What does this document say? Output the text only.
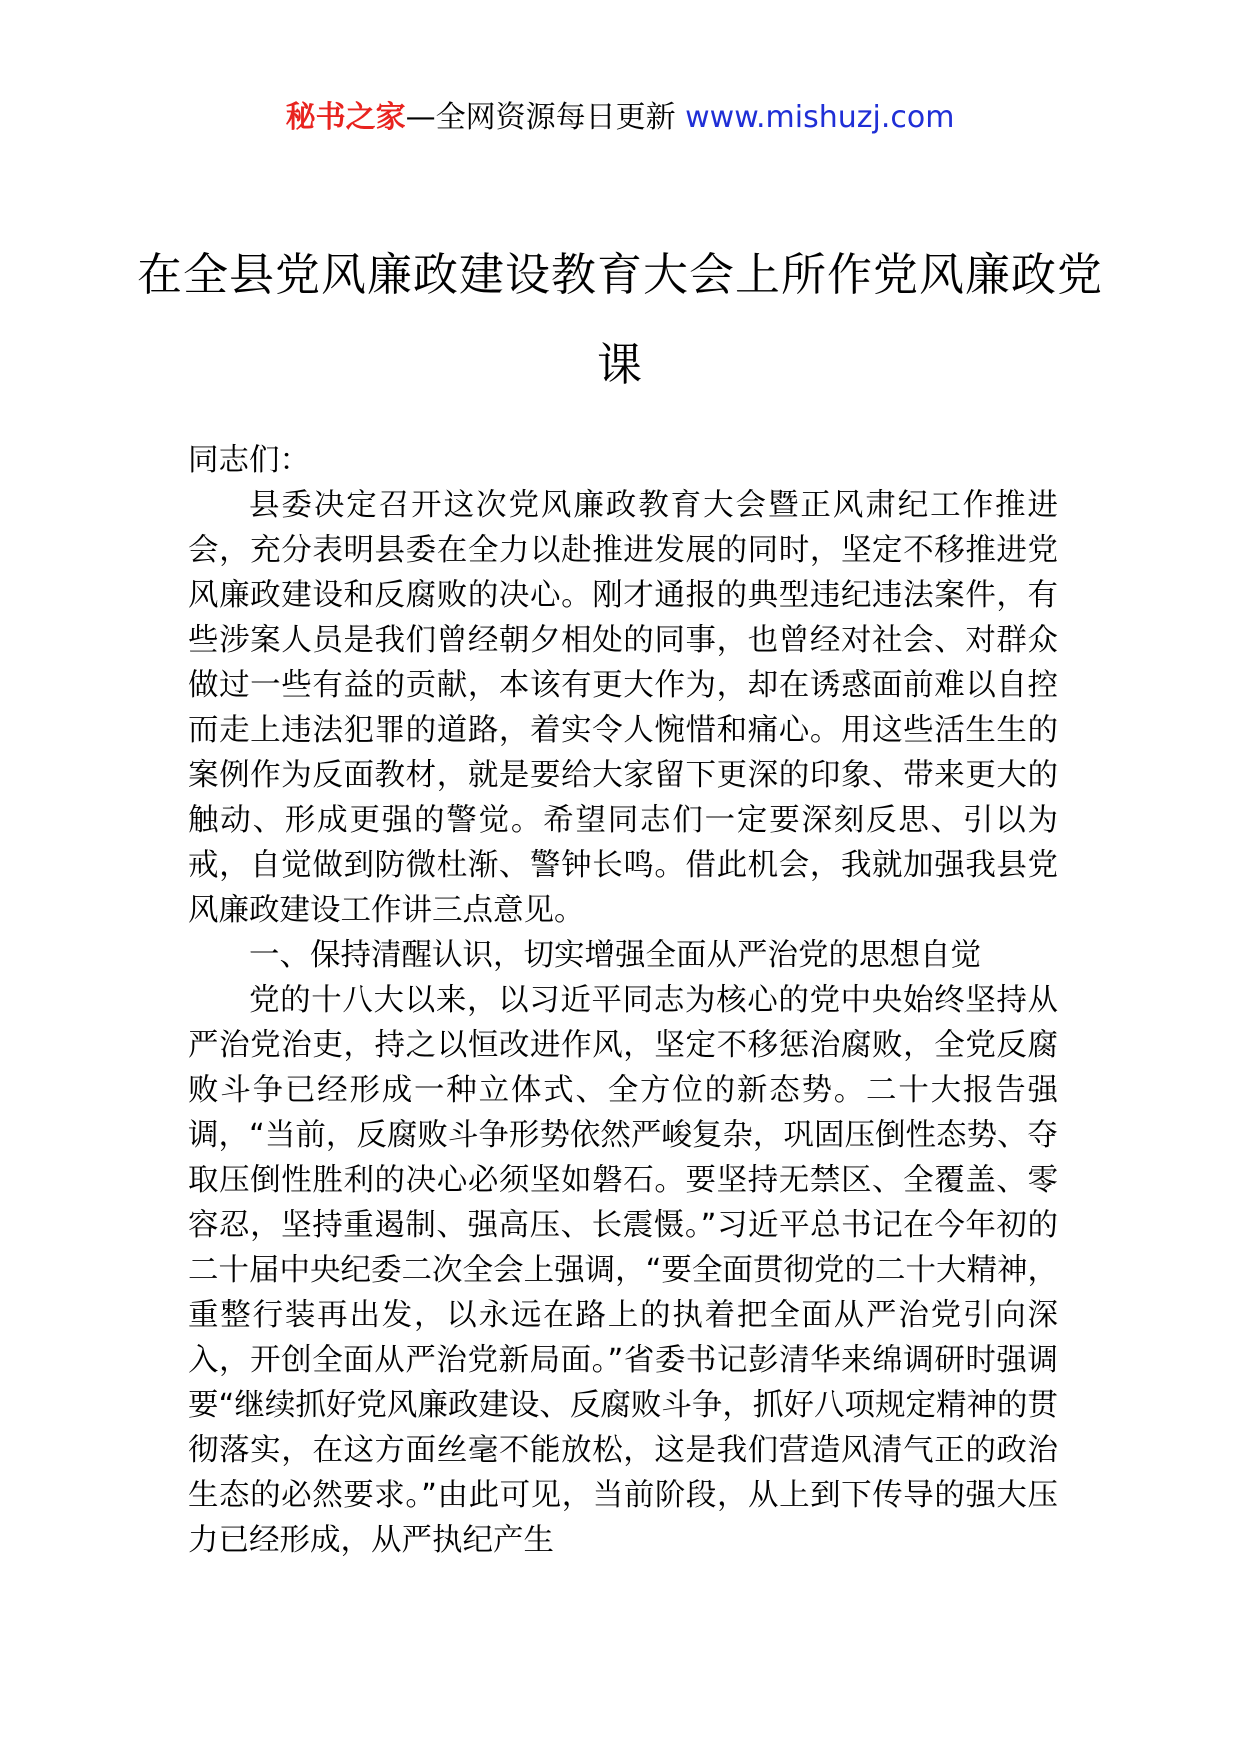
秘书之家—全网资源每日更新 www.mishuzj.com
在全县党风廉政建设教育大会上所作党风廉政党课

同志们：

县委决定召开这次党风廉政教育大会暨正风肃纪工作推进会，充分表明县委在全力以赴推进发展的同时，坚定不移推进党风廉政建设和反腐败的决心。刚才通报的典型违纪违法案件，有些涉案人员是我们曾经朝夕相处的同事，也曾经对社会、对群众做过一些有益的贡献，本该有更大作为，却在诱惑面前难以自控而走上违法犯罪的道路，着实令人惋惜和痛心。用这些活生生的案例作为反面教材，就是要给大家留下更深的印象、带来更大的触动、形成更强的警觉。希望同志们一定要深刻反思、引以为戒，自觉做到防微杜渐、警钟长鸣。借此机会，我就加强我县党风廉政建设工作讲三点意见。

一、保持清醒认识，切实增强全面从严治党的思想自觉

党的十八大以来，以习近平同志为核心的党中央始终坚持从严治党治吏，持之以恒改进作风，坚定不移惩治腐败，全党反腐败斗争已经形成一种立体式、全方位的新态势。二十大报告强调，“当前，反腐败斗争形势依然严峻复杂，巩固压倒性态势、夺取压倒性胜利的决心必须坚如磐石。要坚持无禁区、全覆盖、零容忍，坚持重遏制、强高压、长震慑。”习近平总书记在今年初的二十届中央纪委二次全会上强调，“要全面贯彻党的二十大精神，重整行装再出发，以永远在路上的执着把全面从严治党引向深入，开创全面从严治党新局面。”省委书记彭清华来绵调研时强调要“继续抓好党风廉政建设、反腐败斗争，抓好八项规定精神的贯彻落实，在这方面丝毫不能放松，这是我们营造风清气正的政治生态的必然要求。”由此可见，当前阶段，从上到下传导的强大压力已经形成，从严执纪产生
